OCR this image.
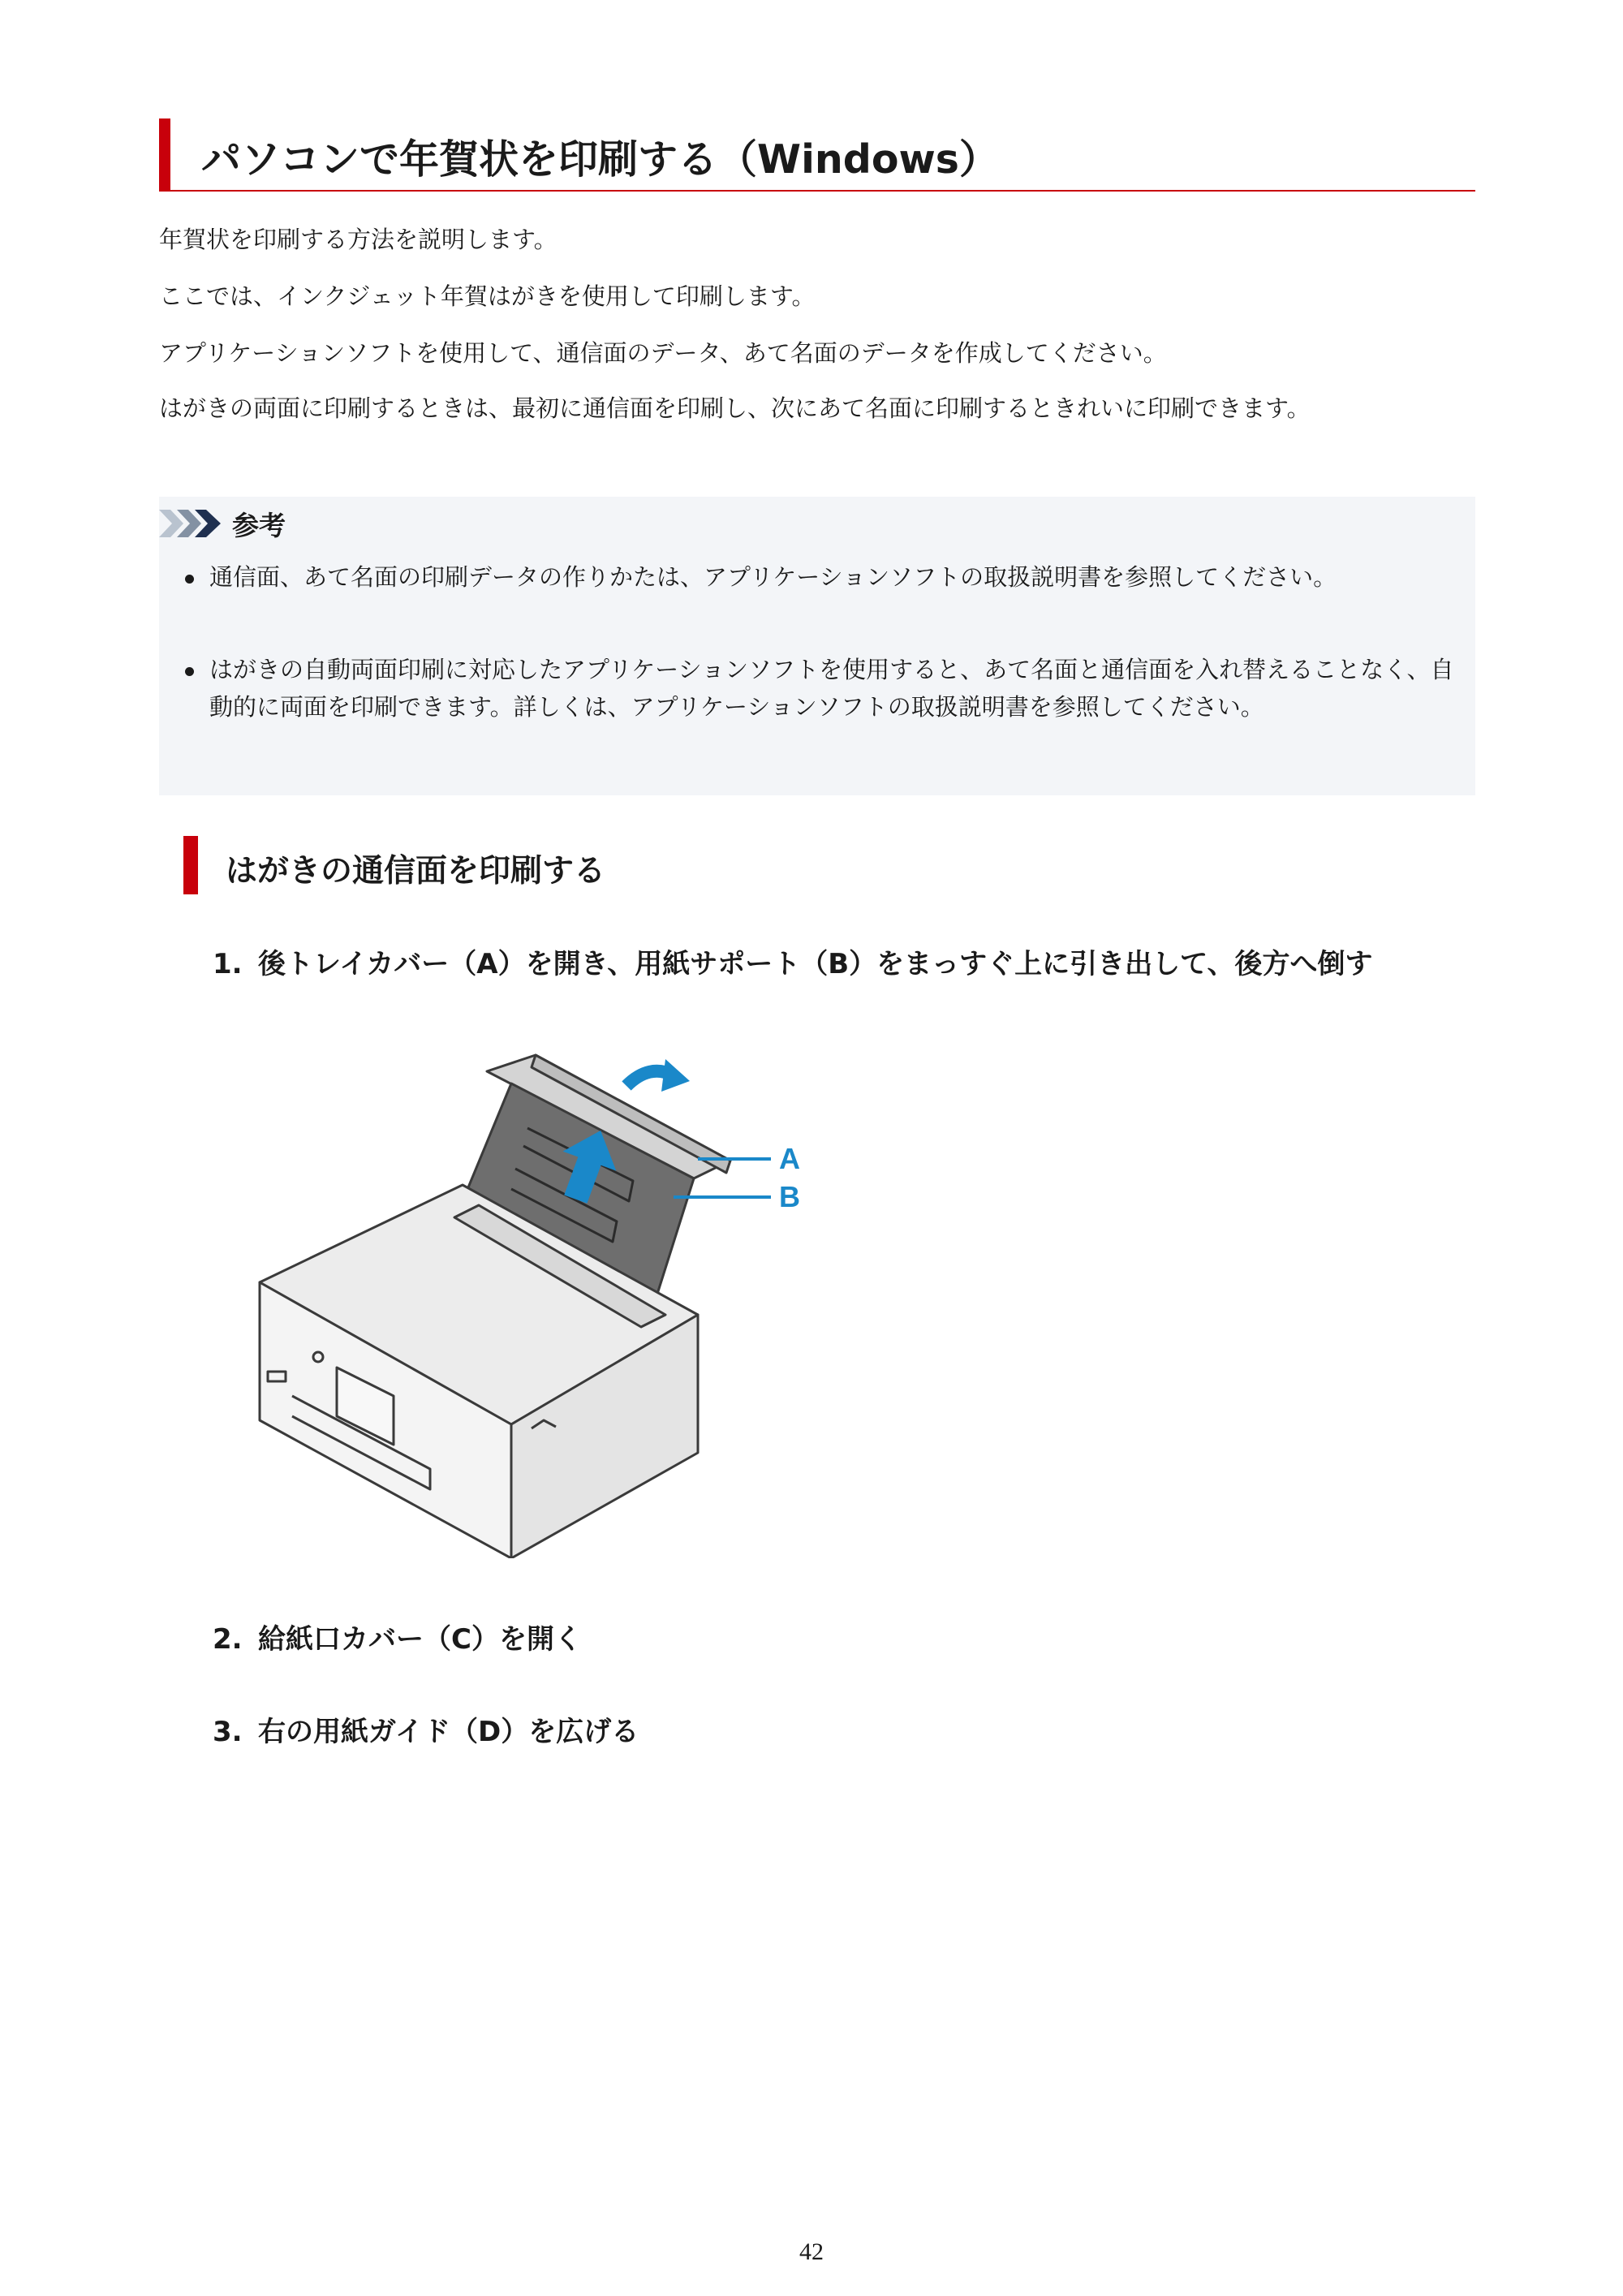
パソコンで年賀状を印刷する（Windows）
年賀状を印刷する方法を説明します。
ここでは、インクジェット年賀はがきを使用して印刷します。
アプリケーションソフトを使用して、通信面のデータ、あて名面のデータを作成してください。
はがきの両面に印刷するときは、最初に通信面を印刷し、次にあて名面に印刷するときれいに印刷できます。
参考
通信面、あて名面の印刷データの作りかたは、アプリケーションソフトの取扱説明書を参照してください。
はがきの自動両面印刷に対応したアプリケーションソフトを使用すると、あて名面と通信面を入れ替えることなく、自動的に両面を印刷できます。詳しくは、アプリケーションソフトの取扱説明書を参照してください。
はがきの通信面を印刷する
1. 後トレイカバー（A）を開き、用紙サポート（B）をまっすぐ上に引き出して、後方へ倒す
A
B
2. 給紙口カバー（C）を開く
3. 右の用紙ガイド（D）を広げる
42
